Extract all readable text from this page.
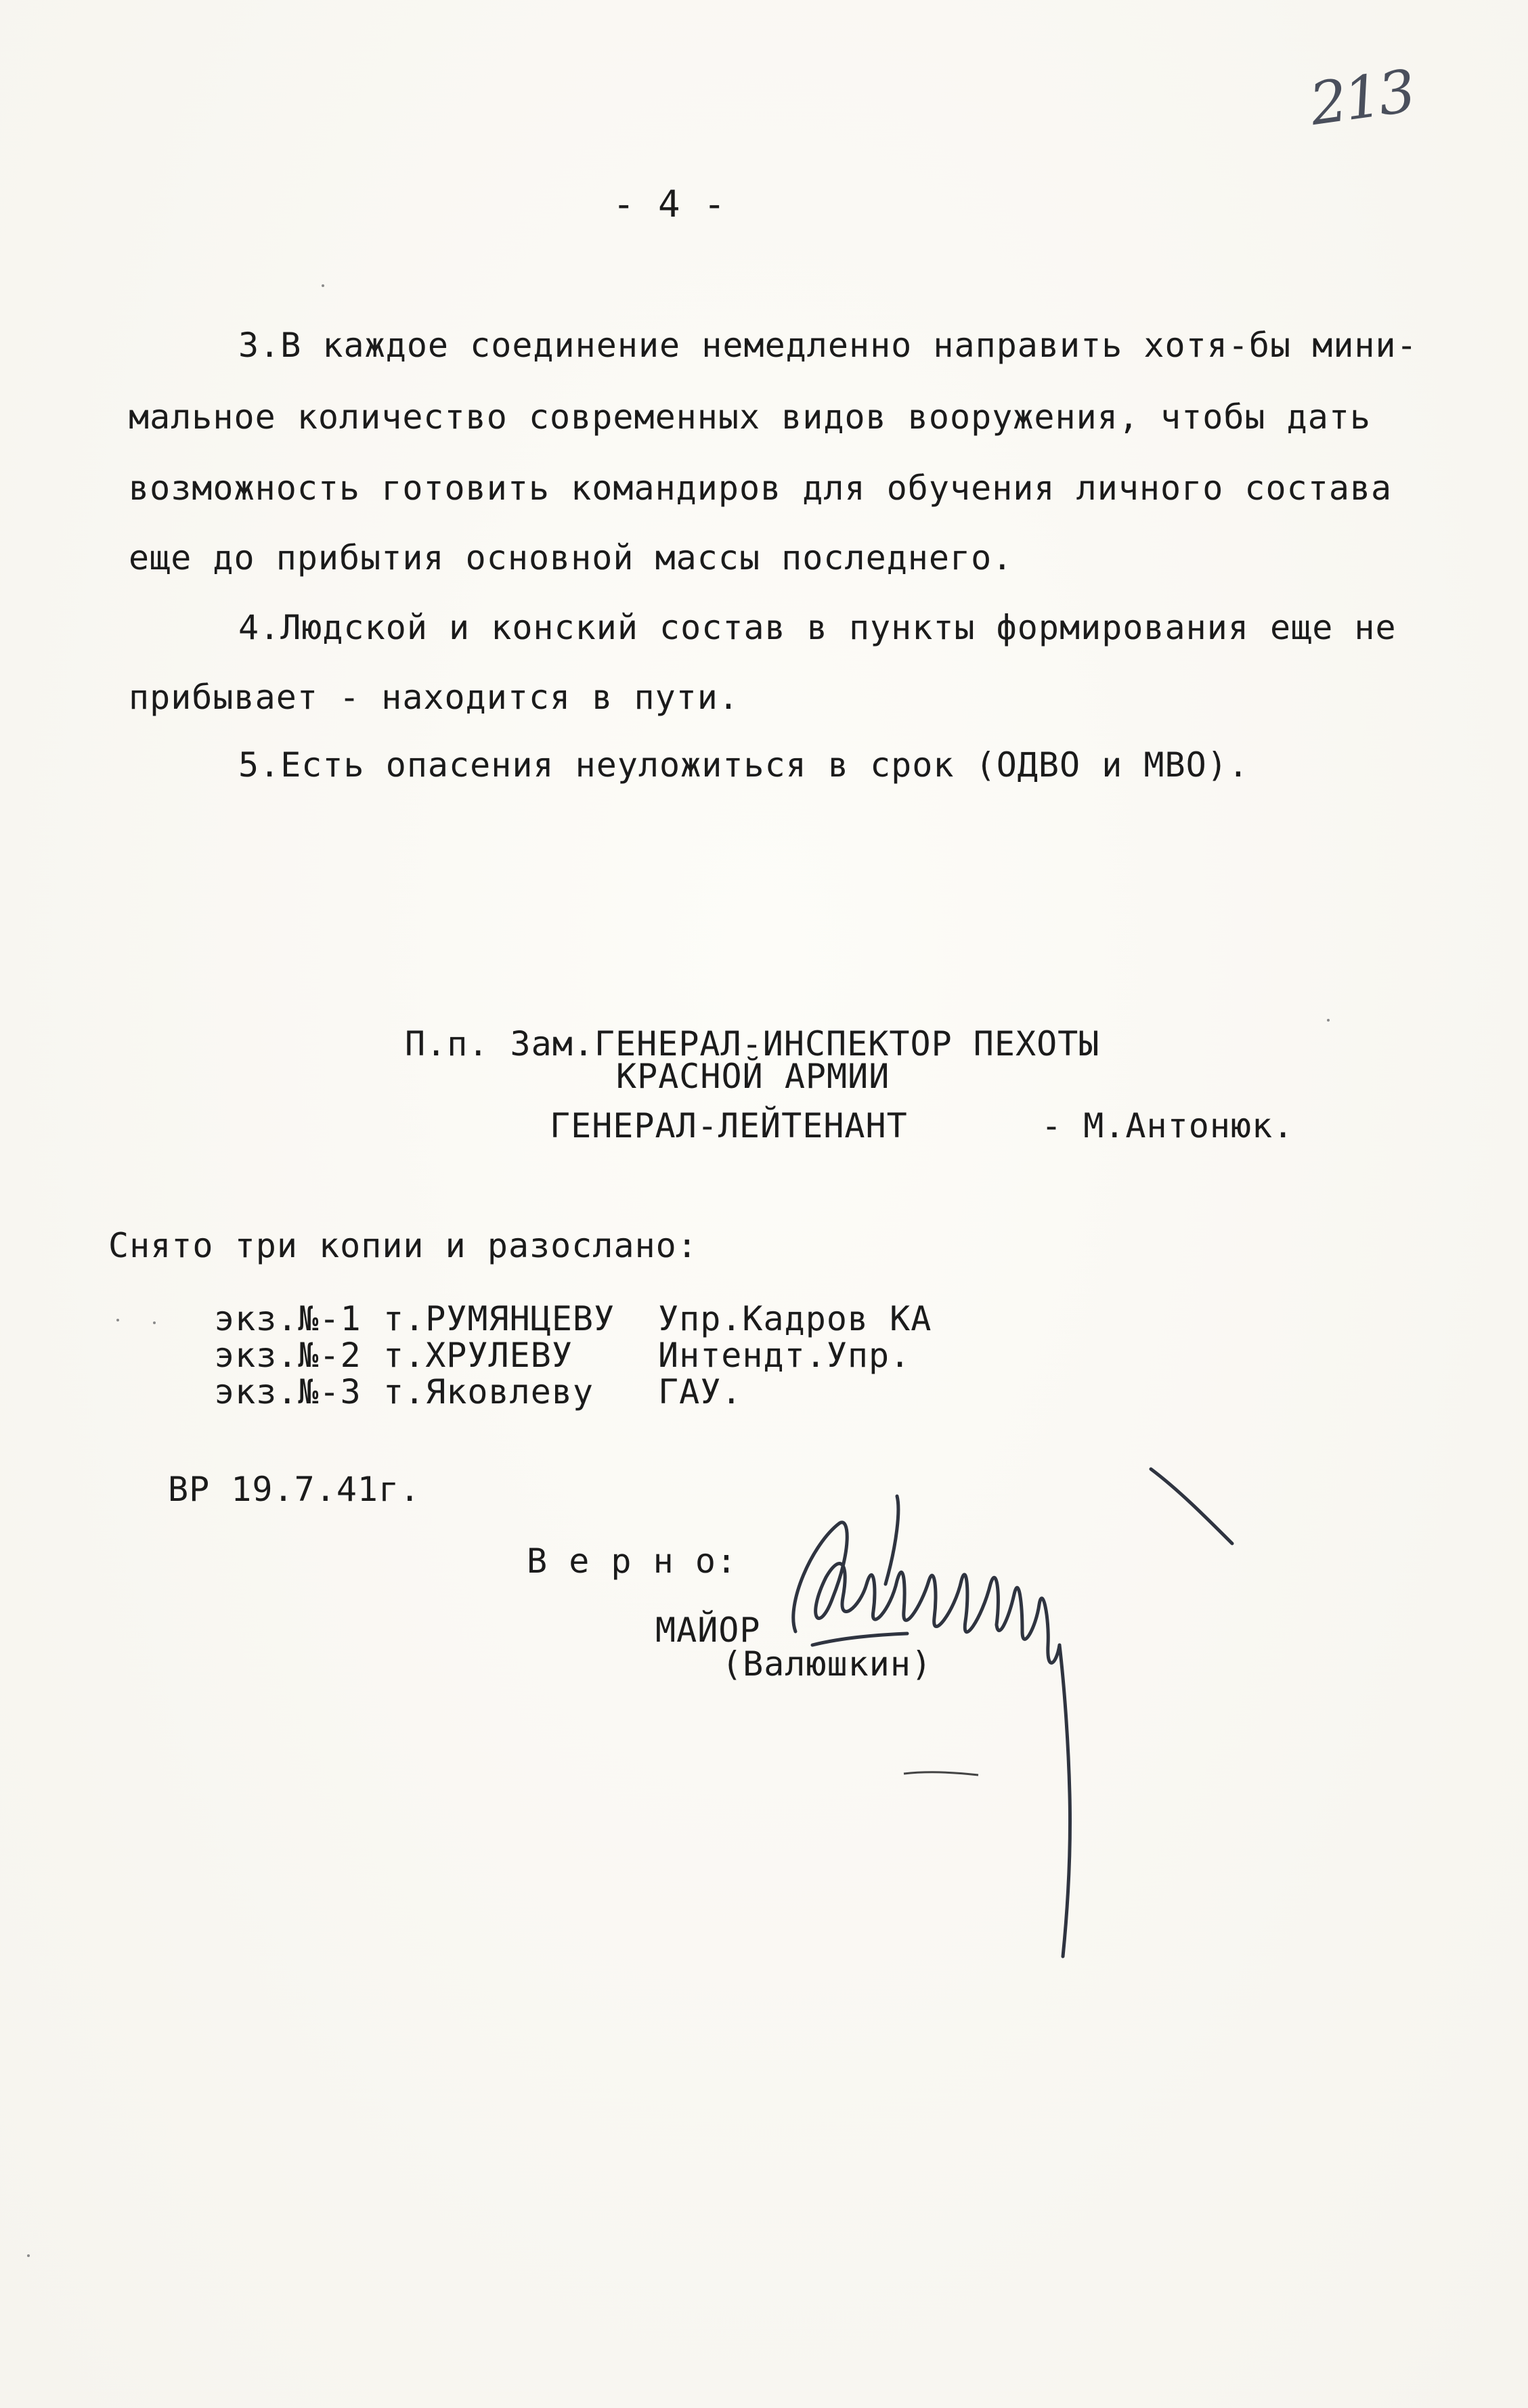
213
- 4 -
3.В каждое соединение немедленно направить хотя-бы мини-
мальное количество современных видов вооружения, чтобы дать
возможность готовить командиров для обучения личного состава
еще до прибытия основной массы последнего.
4.Людской и конский состав в пункты формирования еще не
прибывает - находится в пути.
5.Есть опасения неуложиться в срок (ОДВО и МВО).
П.п. Зам.ГЕНЕРАЛ-ИНСПЕКТОР ПЕХОТЫ
КРАСНОЙ АРМИИ
ГЕНЕРАЛ-ЛЕЙТЕНАНТ	- М.Антонюк.
Снято три копии и разослано:
экз.№-1 т.РУМЯНЦЕВУ Упр.Кадров КА
экз.№-2 т.ХРУЛЕВУ	Интендт.Упр.
экз.№-3 т.Яковлеву ГАУ.
ВР 19.7.41г.
В е р н о:
МАЙОР
(Валюшкин)
